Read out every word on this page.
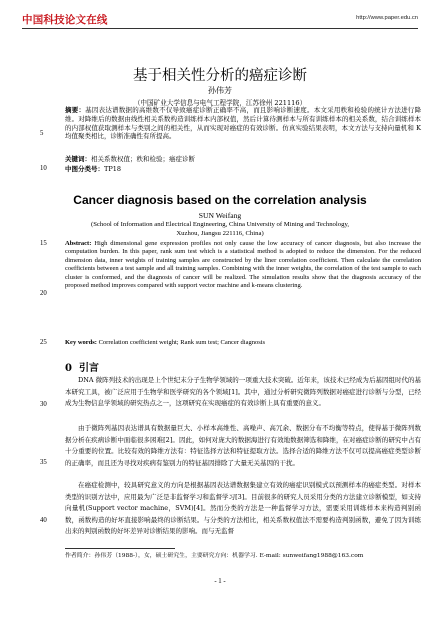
中国科技论文在线	http://www.paper.edu.cn
基于相关性分析的癌症诊断
孙伟芳
（中国矿业大学信息与电气工程学院，江苏徐州 221116）
摘要：基因表达谱数据的高维数不仅导致癌症诊断正确率不高，而且影响诊断速度。本文采用秩和检验的统计方法进行降维。对降维后的数据由线性相关系数构造训练样本内部权值，然后计算待测样本与所有训练样本的相关系数，结合训练样本的内部权值获取测样本与类别之间的相关性，从而实现对癌症的有效诊断。仿真实验结果表明，本文方法与支持向量机和 K 均值聚类相比，诊断准确性有所提高。
关键词：相关系数权值；秩和检验；癌症诊断
中图分类号：TP18
Cancer diagnosis based on the correlation analysis
SUN Weifang
(School of Information and Electrical Engineering, China University of Mining and Technology,
Xuzhou, Jiangsu 221116, China)
Abstract: High dimensional gene expression profiles not only cause the low accuracy of cancer diagnosis, but also increase the computation burden. In this paper, rank sum test which is a statistical method is adopted to reduce the dimension. For the reduced dimension data, inner weights of training samples are constructed by the liner correlation coefficient. Then calculate the correlation coefficients between a test sample and all training samples. Combining with the inner weights, the correlation of the test sample to each cluster is conformed, and the diagnosis of cancer will be realized. The simulation results show that the diagnosis accuracy of the proposed method improves compared with support vector machine and k-means clustering.
Key words: Correlation coefficient weight; Rank sum test; Cancer diagnosis
0 引言
DNA 微阵列技术的出现是上个世纪末分子生物学领域的一项重大技术突破。近年来，该技术已经成为后基因组时代的基本研究工具，被广泛应用于生物学和医学研究的各个领域[1]。其中，通过分析研究微阵列数据对癌症进行诊断与分型，已经成为生物信息学领域的研究热点之一，这项研究在实现癌症的有效诊断上具有重要的意义。
由于微阵列基因表达谱具有数据量巨大、小样本高维性、高噪声、高冗余、数据分布不均衡等特点，使得基于微阵列数据分析在疾病诊断中面临很多困难[2]。因此，如何对庞大的数据海进行有效地数据筛选和降维，在对癌症诊断的研究中占有十分重要的位置。比较有效的降维方法有：特征选择方法和特征提取方法。选择合适的降维方法不仅可以提高癌症类型诊断的正确率，而且还为寻找对疾病有鉴别力的特征基因排除了大量无关基因的干扰。
在癌症检测中，较具研究意义的方向是根据基因表达谱数据集建立有效的癌症识别模式以预测样本的癌症类型。对样本类型的识别方法中，应用最为广泛是非监督学习和监督学习[3]。目前很多的研究人员采用分类的方法建立诊断模型，如支持向量机(Support vector machine，SVM)[4]。然而分类的方法是一种监督学习方法，需要采用训练样本来构造判别函数，函数构造的好坏直接影响最终的诊断结果。与分类的方法相比，相关系数权值法不需要构造判别函数，避免了因为训练出来的判别函数的好坏差异对诊断结果的影响。而与无监督
5
10
15
20
25
30
35
40
作者简介：孙伟芳（1988-），女，硕士研究生，主要研究方向：机器学习. E-mail: sunweifang1988@163.com
- 1 -
